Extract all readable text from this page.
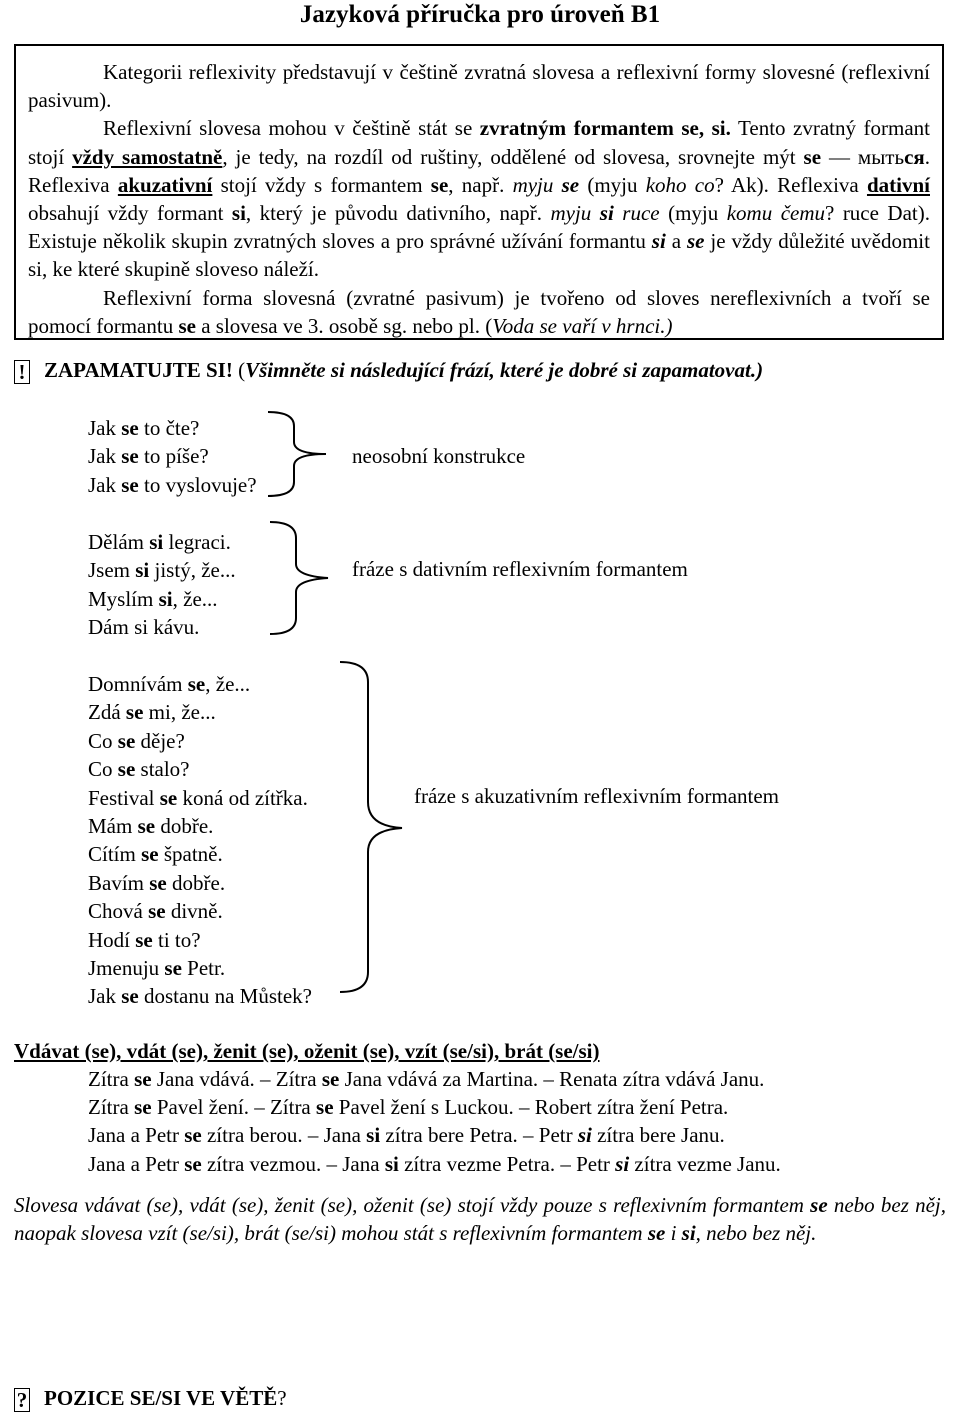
Jazyková příručka pro úroveň B1

Kategorii reflexivity představují v češtině zvratná slovesa a reflexivní formy slovesné (reflexivní pasivum).

Reflexivní slovesa mohou v češtině stát se zvratným formantem se, si. Tento zvratný formant stojí vždy samostatně, je tedy, na rozdíl od ruštiny, oddělené od slovesa, srovnejte mýt se — мыться. Reflexiva akuzativní stojí vždy s formantem se, např. myju se (myju koho co? Ak). Reflexiva dativní obsahují vždy formant si, který je původu dativního, např. myju si ruce (myju komu čemu? ruce Dat). Existuje několik skupin zvratných sloves a pro správné užívání formantu si a se je vždy důležité uvědomit si, ke které skupině sloveso náleží.

Reflexivní forma slovesná (zvratné pasivum) je tvořeno od sloves nereflexivních a tvoří se pomocí formantu se a slovesa ve 3. osobě sg. nebo pl. (Voda se vaří v hrnci.)

! ZAPAMATUJTE SI! (Všimněte si následující frází, které je dobré si zapamatovat.)
Jak se to čte?
Jak se to píše?
Jak se to vyslovuje?
neosobní konstrukce
Dělám si legraci.
Jsem si jistý, že...
Myslím si, že...
Dám si kávu.
fráze s dativním reflexivním formantem
Domnívám se, že...
Zdá se mi, že...
Co se děje?
Co se stalo?
Festival se koná od zítřka.
Mám se dobře.
Cítím se špatně.
Bavím se dobře.
Chová se divně.
Hodí se ti to?
Jmenuju se Petr.
Jak se dostanu na Můstek?
fráze s akuzativním reflexivním formantem
Vdávat (se), vdát (se), ženit (se), oženit (se), vzít (se/si), brát (se/si)
Zítra se Jana vdává. – Zítra se Jana vdává za Martina. – Renata zítra vdává Janu.
Zítra se Pavel žení. – Zítra se Pavel žení s Luckou. – Robert zítra žení Petra.
Jana a Petr se zítra berou. – Jana si zítra bere Petra. – Petr si zítra bere Janu.
Jana a Petr se zítra vezmou. – Jana si zítra vezme Petra. – Petr si zítra vezme Janu.
Slovesa vdávat (se), vdát (se), ženit (se), oženit (se) stojí vždy pouze s reflexivním formantem se nebo bez něj, naopak slovesa vzít (se/si), brát (se/si) mohou stát s reflexivním formantem se i si, nebo bez něj.
? POZICE SE/SI VE VĚTĚ?
